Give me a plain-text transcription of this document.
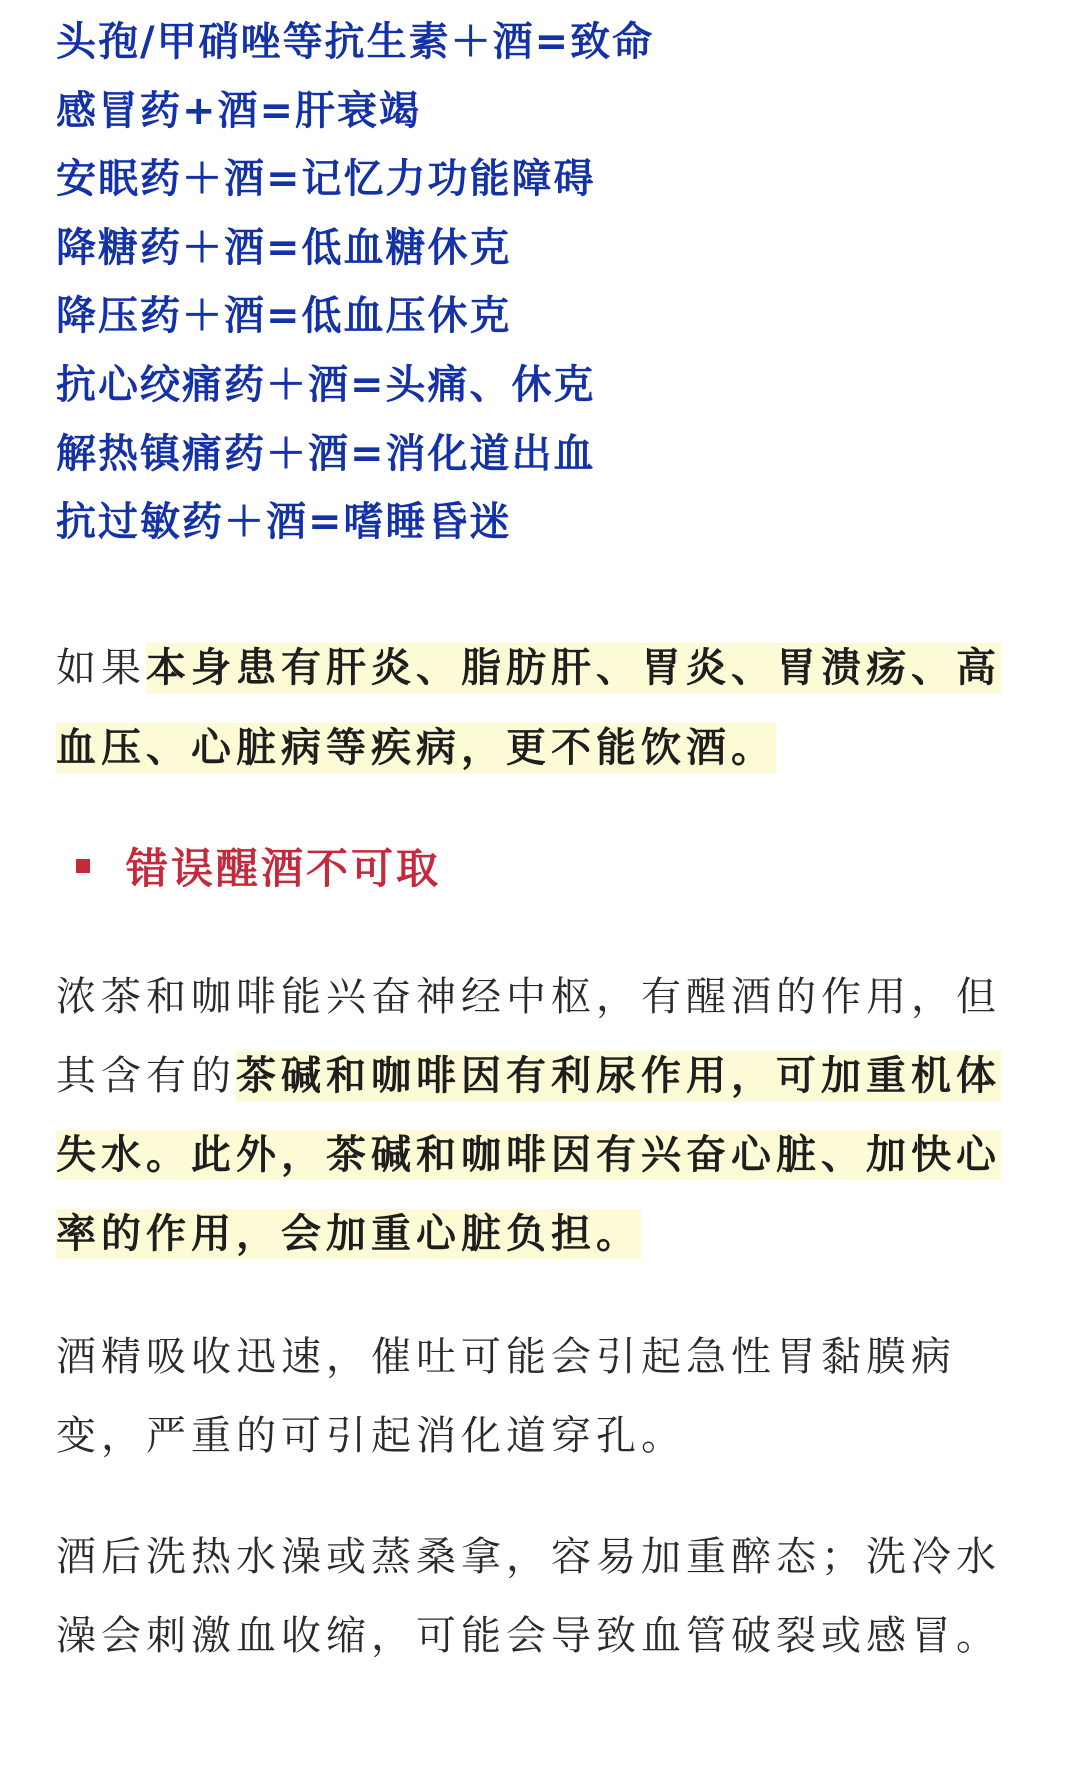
头孢/甲硝唑等抗生素＋酒=致命
感冒药+酒=肝衰竭
安眠药＋酒=记忆力功能障碍
降糖药＋酒=低血糖休克
降压药＋酒=低血压休克
抗心绞痛药＋酒=头痛、休克
解热镇痛药＋酒=消化道出血
抗过敏药＋酒=嗜睡昏迷

如果本身患有肝炎、脂肪肝、胃炎、胃溃疡、高血压、心脏病等疾病，更不能饮酒。

错误醒酒不可取

浓茶和咖啡能兴奋神经中枢，有醒酒的作用，但其含有的茶碱和咖啡因有利尿作用，可加重机体失水。此外，茶碱和咖啡因有兴奋心脏、加快心率的作用，会加重心脏负担。

酒精吸收迅速，催吐可能会引起急性胃黏膜病变，严重的可引起消化道穿孔。

酒后洗热水澡或蒸桑拿，容易加重醉态；洗冷水澡会刺激血收缩，可能会导致血管破裂或感冒。
